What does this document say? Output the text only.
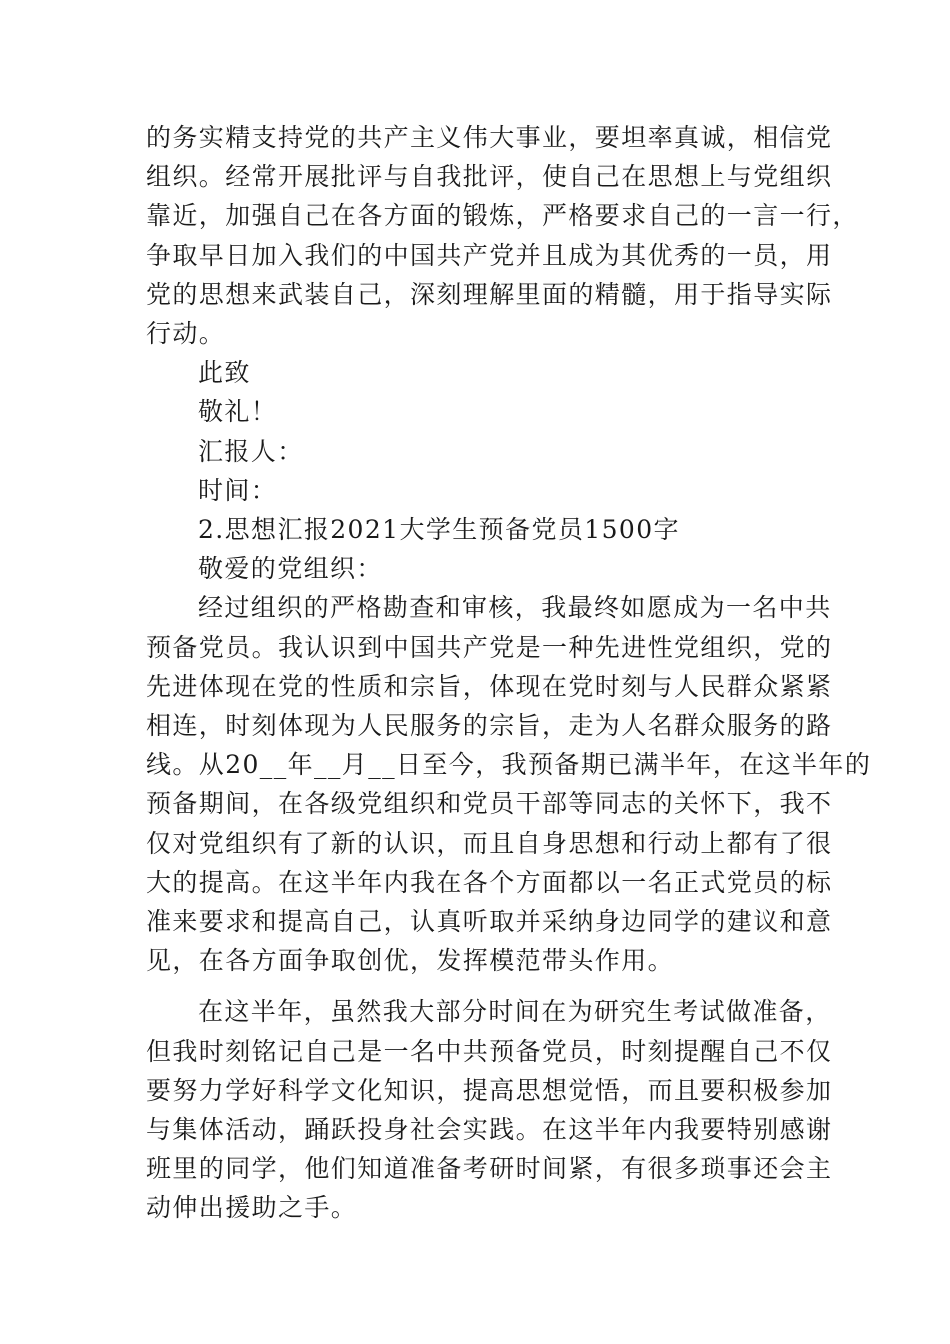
的务实精支持党的共产主义伟大事业，要坦率真诚，相信党
组织。经常开展批评与自我批评，使自己在思想上与党组织
靠近，加强自己在各方面的锻炼，严格要求自己的一言一行，
争取早日加入我们的中国共产党并且成为其优秀的一员，用
党的思想来武装自己，深刻理解里面的精髓，用于指导实际
行动。
此致
敬礼！
汇报人：
时间：
2.思想汇报2021大学生预备党员1500字
敬爱的党组织：
经过组织的严格勘查和审核，我最终如愿成为一名中共
预备党员。我认识到中国共产党是一种先进性党组织，党的
先进体现在党的性质和宗旨，体现在党时刻与人民群众紧紧
相连，时刻体现为人民服务的宗旨，走为人名群众服务的路
线。从20__年__月__日至今，我预备期已满半年，在这半年的
预备期间，在各级党组织和党员干部等同志的关怀下，我不
仅对党组织有了新的认识，而且自身思想和行动上都有了很
大的提高。在这半年内我在各个方面都以一名正式党员的标
准来要求和提高自己，认真听取并采纳身边同学的建议和意
见，在各方面争取创优，发挥模范带头作用。
在这半年，虽然我大部分时间在为研究生考试做准备，
但我时刻铭记自己是一名中共预备党员，时刻提醒自己不仅
要努力学好科学文化知识，提高思想觉悟，而且要积极参加
与集体活动，踊跃投身社会实践。在这半年内我要特别感谢
班里的同学，他们知道准备考研时间紧，有很多琐事还会主
动伸出援助之手。
